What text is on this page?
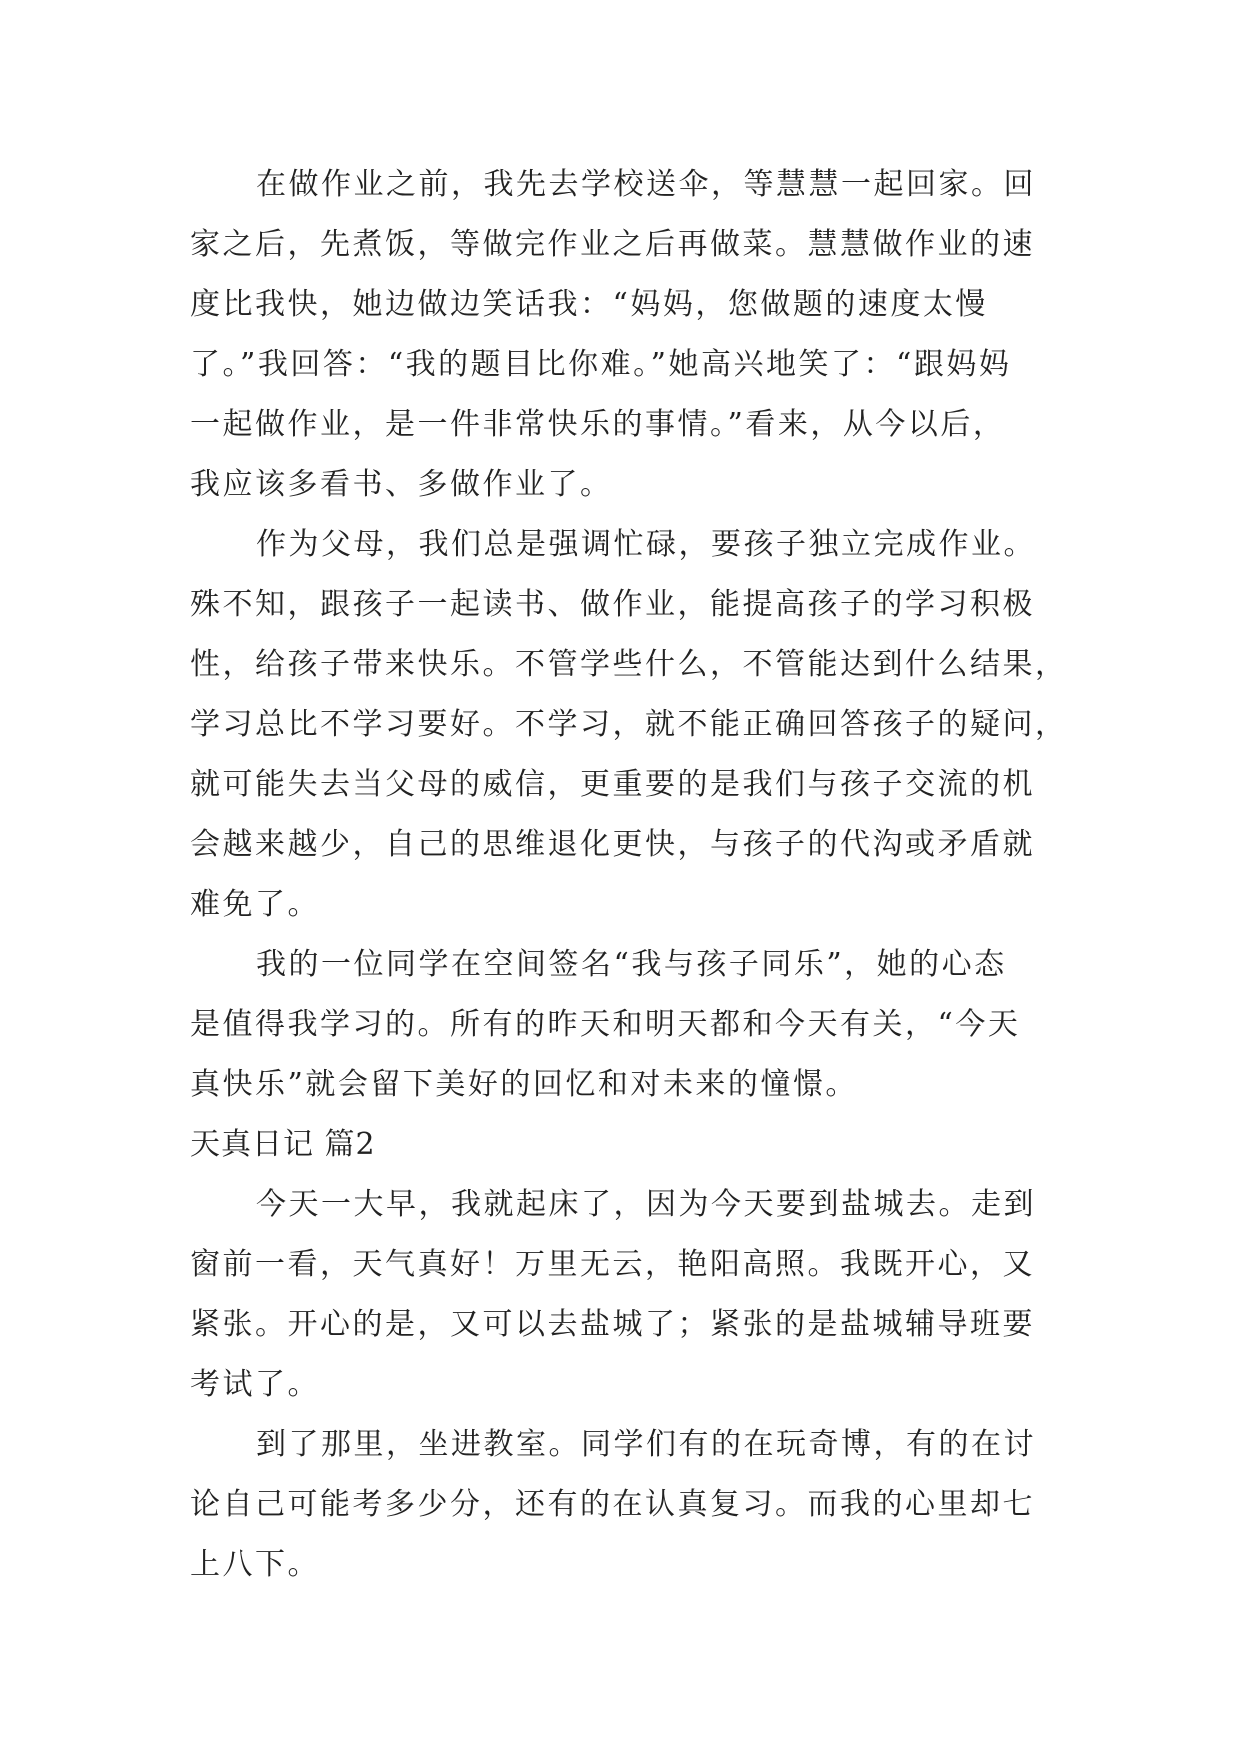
在做作业之前，我先去学校送伞，等慧慧一起回家。回
家之后，先煮饭，等做完作业之后再做菜。慧慧做作业的速
度比我快，她边做边笑话我：“妈妈，您做题的速度太慢
了。”我回答：“我的题目比你难。”她高兴地笑了：“跟妈妈
一起做作业，是一件非常快乐的事情。”看来，从今以后，
我应该多看书、多做作业了。
作为父母，我们总是强调忙碌，要孩子独立完成作业。
殊不知，跟孩子一起读书、做作业，能提高孩子的学习积极
性，给孩子带来快乐。不管学些什么，不管能达到什么结果，
学习总比不学习要好。不学习，就不能正确回答孩子的疑问，
就可能失去当父母的威信，更重要的是我们与孩子交流的机
会越来越少，自己的思维退化更快，与孩子的代沟或矛盾就
难免了。
我的一位同学在空间签名“我与孩子同乐”，她的心态
是值得我学习的。所有的昨天和明天都和今天有关，“今天
真快乐”就会留下美好的回忆和对未来的憧憬。
天真日记 篇2
今天一大早，我就起床了，因为今天要到盐城去。走到
窗前一看，天气真好！万里无云，艳阳高照。我既开心，又
紧张。开心的是，又可以去盐城了；紧张的是盐城辅导班要
考试了。
到了那里，坐进教室。同学们有的在玩奇博，有的在讨
论自己可能考多少分，还有的在认真复习。而我的心里却七
上八下。
